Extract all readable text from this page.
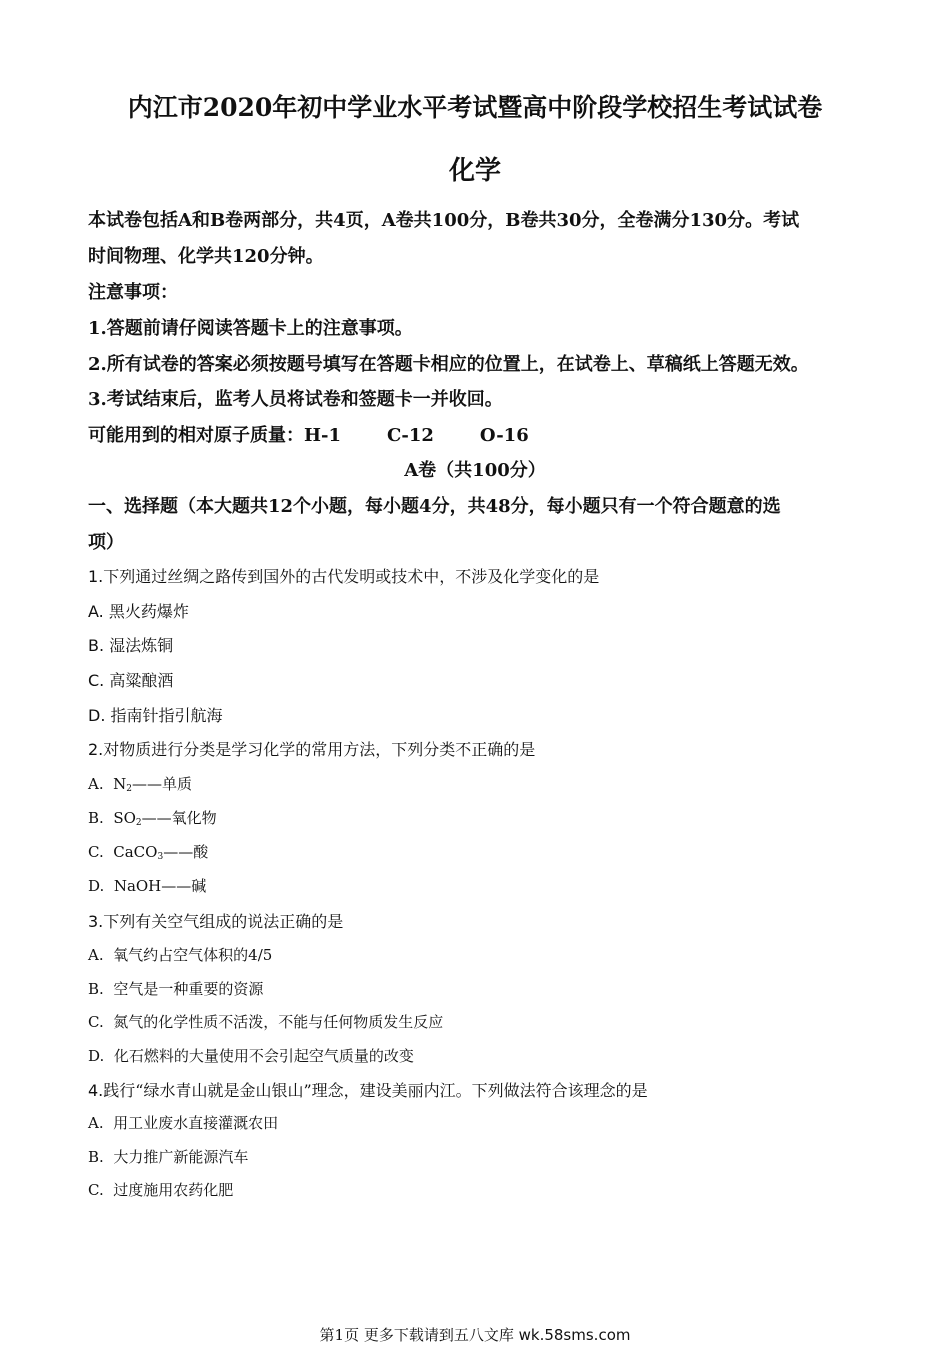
内江市2020年初中学业水平考试暨高中阶段学校招生考试试卷
化学
本试卷包括A和B卷两部分，共4页，A卷共100分，B卷共30分，全卷满分130分。考试
时间物理、化学共120分钟。
注意事项：
1.答题前请仔阅读答题卡上的注意事项。
2.所有试卷的答案必须按题号填写在答题卡相应的位置上，在试卷上、草稿纸上答题无效。
3.考试结束后，监考人员将试卷和签题卡一并收回。
可能用到的相对原子质量：H-1	C-12	O-16
A卷（共100分）
一、选择题（本大题共12个小题，每小题4分，共48分，每小题只有一个符合题意的选
项）
1.下列通过丝绸之路传到国外的古代发明或技术中，不涉及化学变化的是
A. 黑火药爆炸
B. 湿法炼铜
C. 高粱酿酒
D. 指南针指引航海
2.对物质进行分类是学习化学的常用方法，下列分类不正确的是
A. $N_2——$单质
B. $SO_2——$氧化物
C. CaCO$_3$——酸
D. NaOH——碱
3.下列有关空气组成的说法正确的是
A. 氧气约占空气体积的4/5
B. 空气是一种重要的资源
C. 氮气的化学性质不活泼，不能与任何物质发生反应
D. 化石燃料的大量使用不会引起空气质量的改变
4.践行“绿水青山就是金山银山”理念，建设美丽内江。下列做法符合该理念的是
A. 用工业废水直接灌溉农田
B. 大力推广新能源汽车
C. 过度施用农药化肥
第1页 更多下载请到五八文库 wk.58sms.com
